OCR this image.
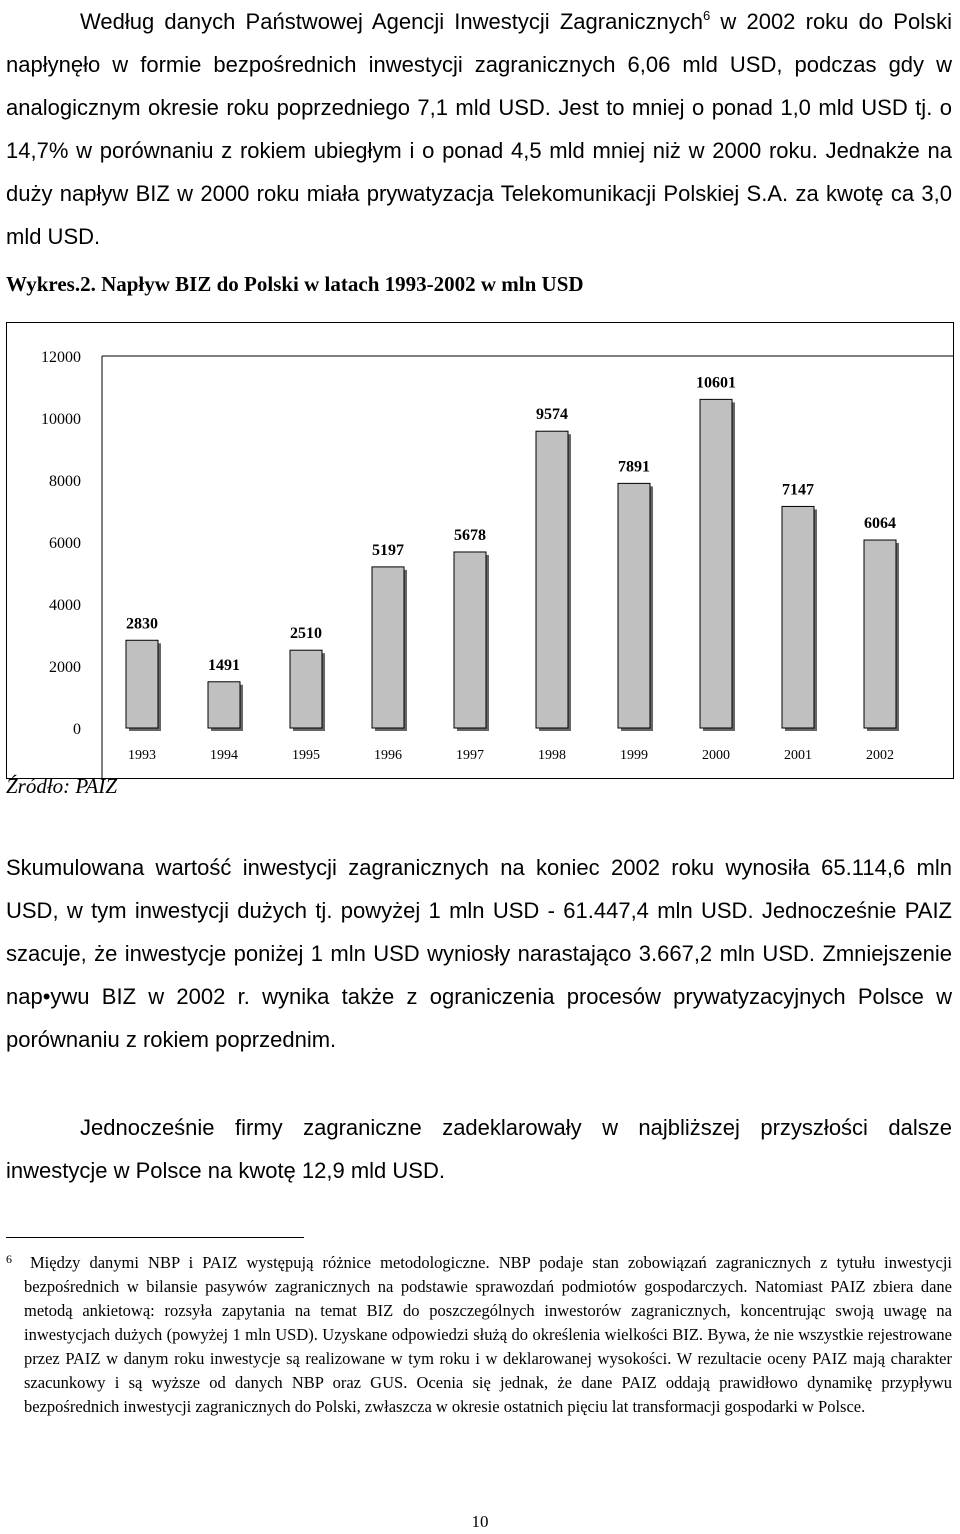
Według danych Państwowej Agencji Inwestycji Zagranicznych$^6$ w 2002 roku do Polski napłynęło w formie bezpośrednich inwestycji zagranicznych 6,06 mld USD, podczas gdy w analogicznym okresie roku poprzedniego 7,1 mld USD. Jest to mniej o ponad 1,0 mld USD tj. o 14,7% w porównaniu z rokiem ubiegłym i o ponad 4,5 mld mniej niż w 2000 roku. Jednakże na duży napływ BIZ w 2000 roku miała prywatyzacja Telekomunikacji Polskiej S.A. za kwotę ca 3,0 mld USD.
Wykres.2. Napływ BIZ do Polski w latach 1993-2002 w mln USD
0
2000
4000
6000
8000
10000
12000
2830
1491
2510
5197
5678
9574
7891
10601
7147
6064
1993	1994	1995	1996	1997	1998	1999	2000	2001	2002
Źródło: PAIZ
Skumulowana wartość inwestycji zagranicznych na koniec 2002 roku wynosiła 65.114,6 mln USD, w tym inwestycji dużych tj. powyżej 1 mln USD - 61.447,4 mln USD. Jednocześnie PAIZ szacuje, że inwestycje poniżej 1 mln USD wyniosły narastająco 3.667,2 mln USD. Zmniejszenie nap•ywu BIZ w 2002 r. wynika także z ograniczenia procesów prywatyzacyjnych Polsce w porównaniu z rokiem poprzednim.
Jednocześnie firmy zagraniczne zadeklarowały w najbliższej przyszłości dalsze inwestycje w Polsce na kwotę 12,9 mld USD.
6	Między danymi NBP i PAIZ występują różnice metodologiczne. NBP podaje stan zobowiązań zagranicznych z tytułu inwestycji bezpośrednich w bilansie pasywów zagranicznych na podstawie sprawozdań podmiotów gospodarczych. Natomiast PAIZ zbiera dane metodą ankietową: rozsyła zapytania na temat BIZ do poszczególnych inwestorów zagranicznych, koncentrując swoją uwagę na inwestycjach dużych (powyżej 1 mln USD). Uzyskane odpowiedzi służą do określenia wielkości BIZ. Bywa, że nie wszystkie rejestrowane przez PAIZ w danym roku inwestycje są realizowane w tym roku i w deklarowanej wysokości. W rezultacie oceny PAIZ mają charakter szacunkowy i są wyższe od danych NBP oraz GUS. Ocenia się jednak, że dane PAIZ oddają prawidłowo dynamikę przypływu bezpośrednich inwestycji zagranicznych do Polski, zwłaszcza w okresie ostatnich pięciu lat transformacji gospodarki w Polsce.
10
